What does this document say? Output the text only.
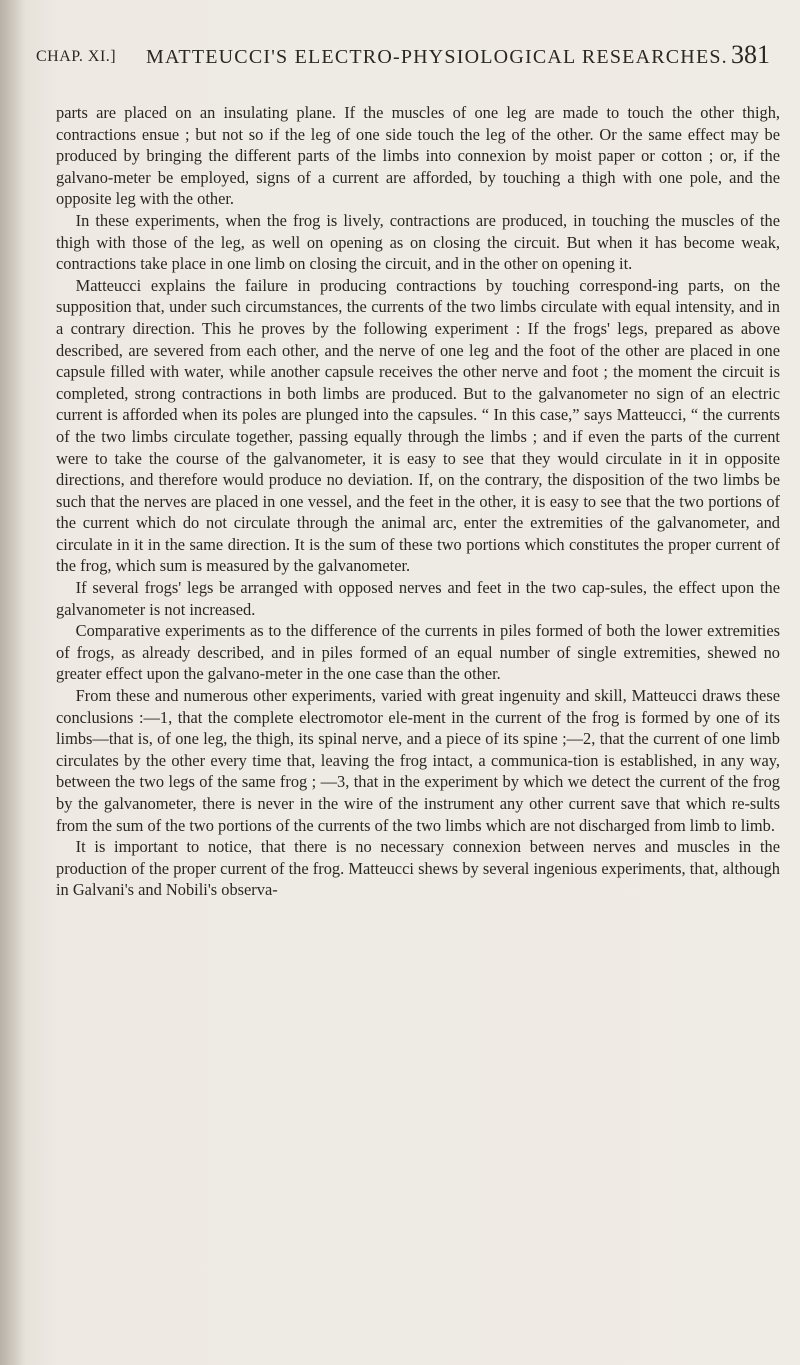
CHAP. XI.] MATTEUCCI'S ELECTRO-PHYSIOLOGICAL RESEARCHES. 381

parts are placed on an insulating plane. If the muscles of one leg are made to touch the other thigh, contractions ensue ; but not so if the leg of one side touch the leg of the other. Or the same effect may be produced by bringing the different parts of the limbs into connexion by moist paper or cotton ; or, if the galvano-meter be employed, signs of a current are afforded, by touching a thigh with one pole, and the opposite leg with the other.

In these experiments, when the frog is lively, contractions are produced, in touching the muscles of the thigh with those of the leg, as well on opening as on closing the circuit. But when it has become weak, contractions take place in one limb on closing the circuit, and in the other on opening it.

Matteucci explains the failure in producing contractions by touching correspond-ing parts, on the supposition that, under such circumstances, the currents of the two limbs circulate with equal intensity, and in a contrary direction. This he proves by the following experiment : If the frogs' legs, prepared as above described, are severed from each other, and the nerve of one leg and the foot of the other are placed in one capsule filled with water, while another capsule receives the other nerve and foot ; the moment the circuit is completed, strong contractions in both limbs are produced. But to the galvanometer no sign of an electric current is afforded when its poles are plunged into the capsules. “ In this case,” says Matteucci, “ the currents of the two limbs circulate together, passing equally through the limbs ; and if even the parts of the current were to take the course of the galvanometer, it is easy to see that they would circulate in it in opposite directions, and therefore would produce no deviation. If, on the contrary, the disposition of the two limbs be such that the nerves are placed in one vessel, and the feet in the other, it is easy to see that the two portions of the current which do not circulate through the animal arc, enter the extremities of the galvanometer, and circulate in it in the same direction. It is the sum of these two portions which constitutes the proper current of the frog, which sum is measured by the galvanometer.

If several frogs' legs be arranged with opposed nerves and feet in the two cap-sules, the effect upon the galvanometer is not increased.

Comparative experiments as to the difference of the currents in piles formed of both the lower extremities of frogs, as already described, and in piles formed of an equal number of single extremities, shewed no greater effect upon the galvano-meter in the one case than the other.

From these and numerous other experiments, varied with great ingenuity and skill, Matteucci draws these conclusions :—1, that the complete electromotor ele-ment in the current of the frog is formed by one of its limbs—that is, of one leg, the thigh, its spinal nerve, and a piece of its spine ;—2, that the current of one limb circulates by the other every time that, leaving the frog intact, a communica-tion is established, in any way, between the two legs of the same frog ; —3, that in the experiment by which we detect the current of the frog by the galvanometer, there is never in the wire of the instrument any other current save that which re-sults from the sum of the two portions of the currents of the two limbs which are not discharged from limb to limb.

It is important to notice, that there is no necessary connexion between nerves and muscles in the production of the proper current of the frog. Matteucci shews by several ingenious experiments, that, although in Galvani's and Nobili's observa-
